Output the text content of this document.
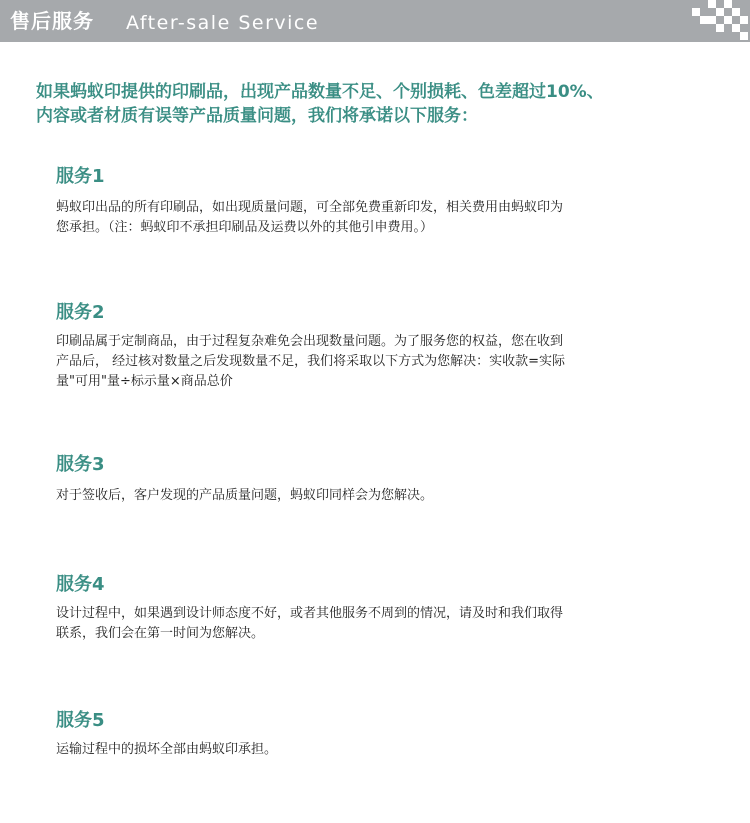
售后服务 After-sale Service

如果蚂蚁印提供的印刷品，出现产品数量不足、个别损耗、色差超过10%、
内容或者材质有误等产品质量问题，我们将承诺以下服务：

服务1

蚂蚁印出品的所有印刷品，如出现质量问题，可全部免费重新印发，相关费用由蚂蚁印为
您承担。（注：蚂蚁印不承担印刷品及运费以外的其他引申费用。）

服务2

印刷品属于定制商品，由于过程复杂难免会出现数量问题。为了服务您的权益，您在收到
产品后， 经过核对数量之后发现数量不足，我们将采取以下方式为您解决：实收款=实际
量"可用"量÷标示量×商品总价

服务3

对于签收后，客户发现的产品质量问题，蚂蚁印同样会为您解决。

服务4

设计过程中，如果遇到设计师态度不好，或者其他服务不周到的情况，请及时和我们取得
联系，我们会在第一时间为您解决。

服务5

运输过程中的损坏全部由蚂蚁印承担。
